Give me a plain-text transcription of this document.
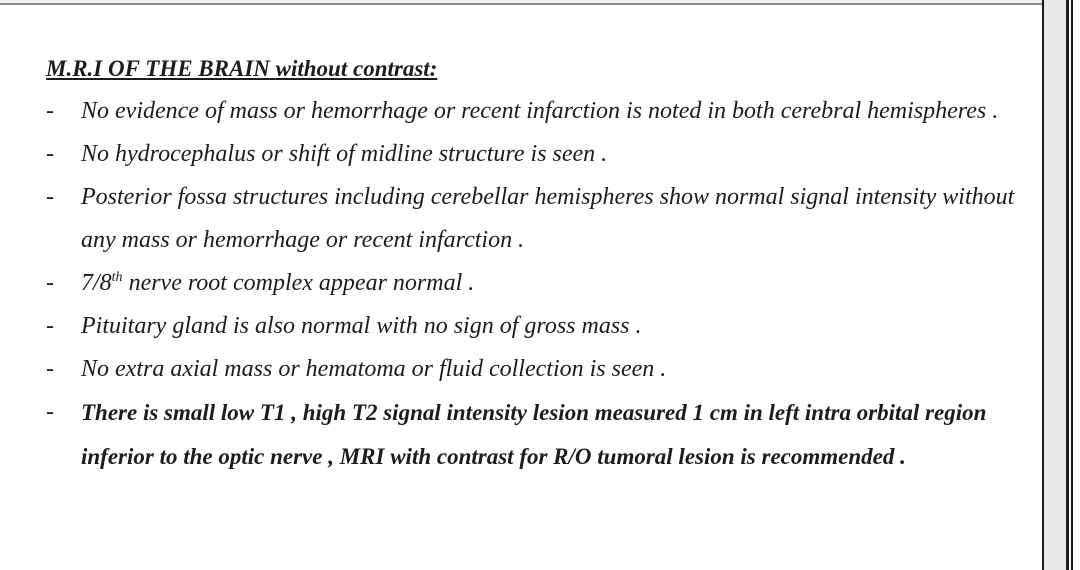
M.R.I OF THE BRAIN without contrast:

- No evidence of mass or hemorrhage or recent infarction is noted in both cerebral hemispheres .
- No hydrocephalus or shift of midline structure is seen .
- Posterior fossa structures including cerebellar hemispheres show normal signal intensity without any mass or hemorrhage or recent infarction .
- 7/8th nerve root complex appear normal .
- Pituitary gland is also normal with no sign of gross mass .
- No extra axial mass or hematoma or fluid collection is seen .
- There is small low T1 , high T2 signal intensity lesion measured 1 cm in left intra orbital region inferior to the optic nerve , MRI with contrast for R/O tumoral lesion is recommended .
